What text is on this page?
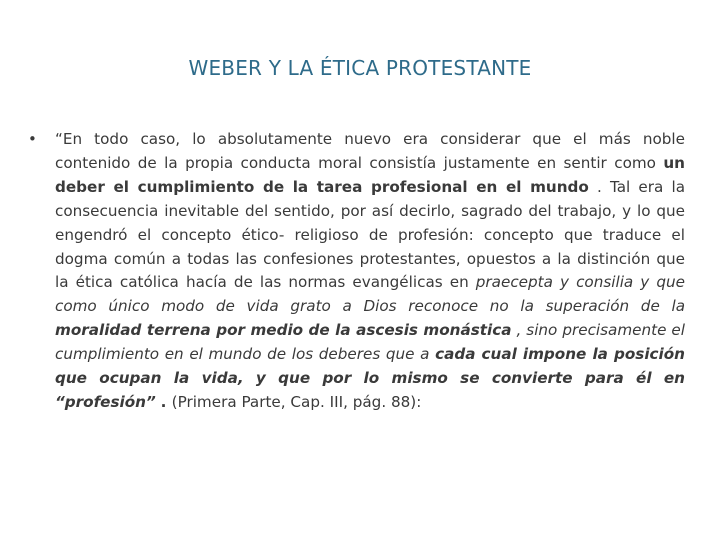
WEBER Y LA ÉTICA PROTESTANTE
• “En todo caso, lo absolutamente nuevo era considerar que el más noble contenido de la propia conducta moral consistía justamente en sentir como un deber el cumplimiento de la tarea profesional en el mundo . Tal era la consecuencia inevitable del sentido, por así decirlo, sagrado del trabajo, y lo que engendró el concepto ético- religioso de profesión: concepto que traduce el dogma común a todas las confesiones protestantes, opuestos a la distinción que la ética católica hacía de las normas evangélicas en praecepta y consilia y que como único modo de vida grato a Dios reconoce no la superación de la moralidad terrena por medio de la ascesis monástica , sino precisamente el cumplimiento en el mundo de los deberes que a cada cual impone la posición que ocupan la vida, y que por lo mismo se convierte para él en “profesión” . (Primera Parte, Cap. III, pág. 88):
